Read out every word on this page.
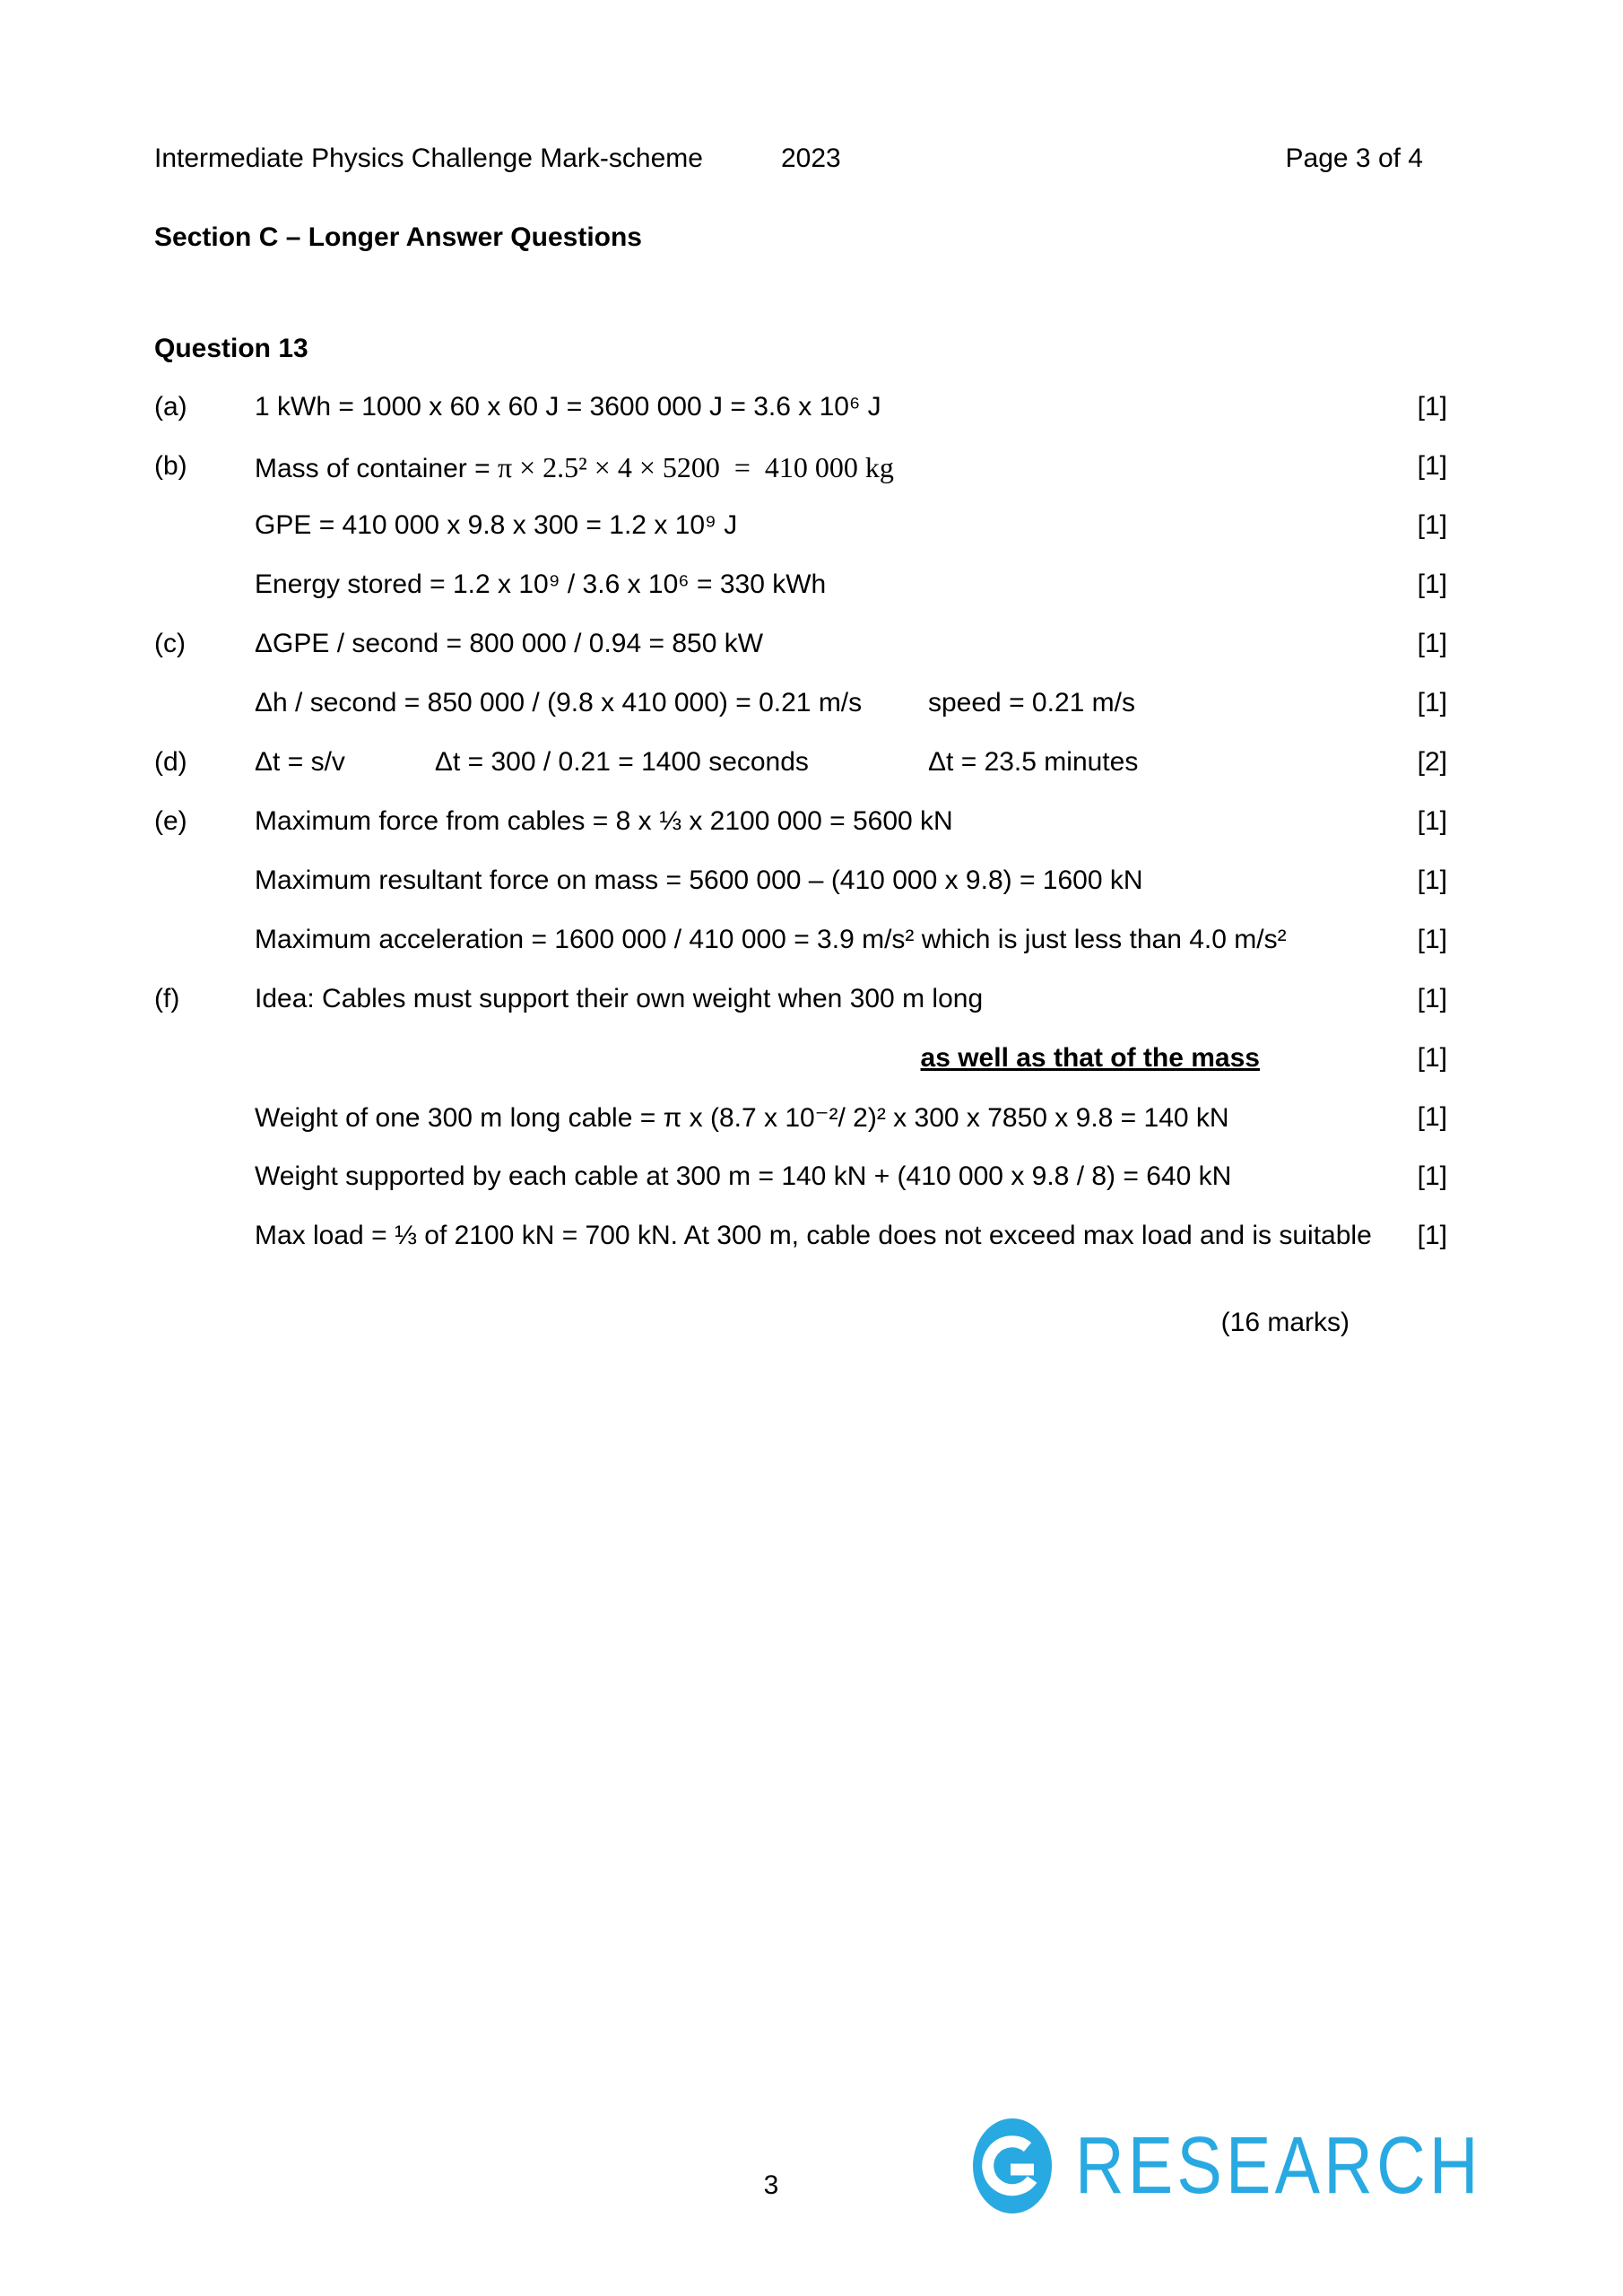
Intermediate Physics Challenge Mark-scheme	2023	Page 3 of 4
Section C – Longer Answer Questions
Question 13
(a)	1 kWh = 1000 x 60 x 60 J = 3600 000 J = 3.6 x 10⁶ J	[1]
(b)	Mass of container = π × 2.5² × 4 × 5200  =  410 000 kg	[1]
GPE = 410 000 x 9.8 x 300 = 1.2 x 10⁹ J	[1]
Energy stored = 1.2 x 10⁹ / 3.6 x 10⁶ = 330 kWh	[1]
(c)	ΔGPE / second = 800 000 / 0.94 = 850 kW	[1]
Δh / second = 850 000 / (9.8 x 410 000) = 0.21 m/s speed = 0.21 m/s	[1]
(d)	Δt = s/v            Δt = 300 / 0.21 = 1400 seconds	Δt = 23.5 minutes	[2]
(e)	Maximum force from cables = 8 x ⅓ x 2100 000 = 5600 kN	[1]
Maximum resultant force on mass = 5600 000 – (410 000 x 9.8) = 1600 kN	[1]
Maximum acceleration = 1600 000 / 410 000 = 3.9 m/s² which is just less than 4.0 m/s²	[1]
(f)	Idea: Cables must support their own weight when 300 m long	[1]
as well as that of the mass	[1]
Weight of one 300 m long cable = π x (8.7 x 10⁻²/ 2)² x 300 x 7850 x 9.8 = 140 kN	[1]
Weight supported by each cable at 300 m = 140 kN + (410 000 x 9.8 / 8) = 640 kN	[1]
Max load = ⅓ of 2100 kN = 700 kN. At 300 m, cable does not exceed max load and is suitable [1]
(16 marks)
3	RESEARCH
